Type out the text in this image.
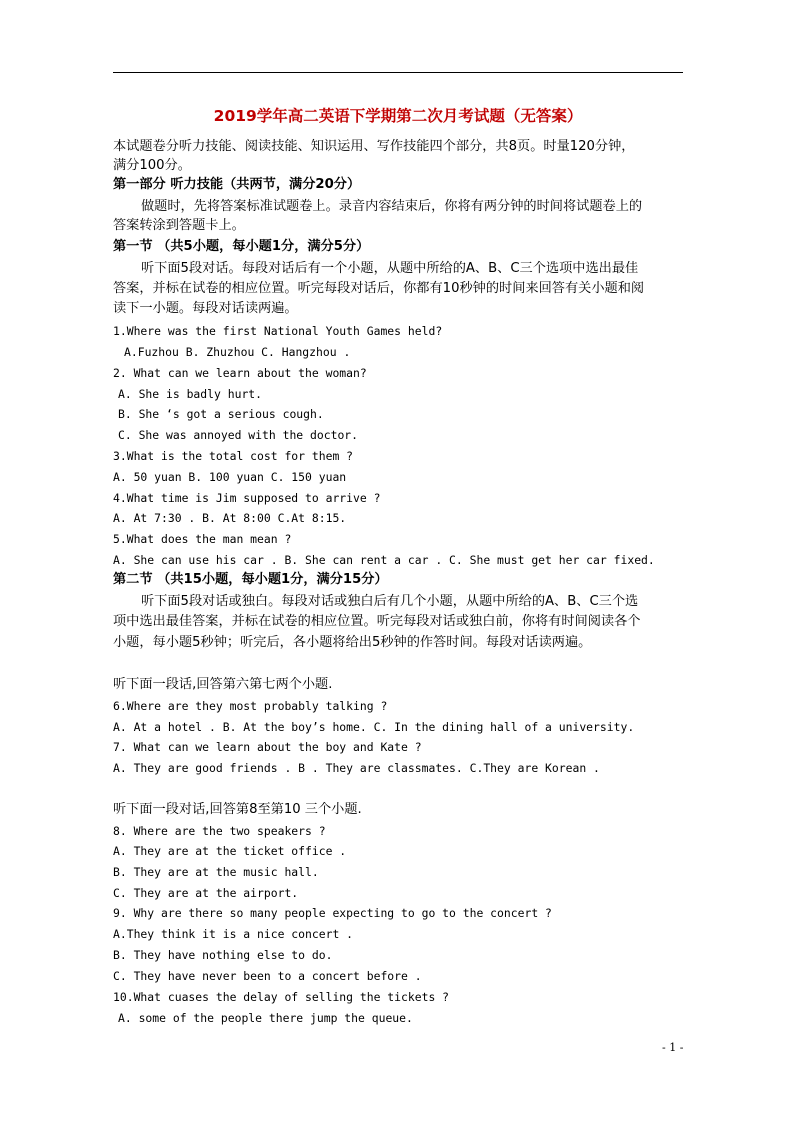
2019学年高二英语下学期第二次月考试题（无答案）
本试题卷分听力技能、阅读技能、知识运用、写作技能四个部分，共8页。时量120分钟，
满分100分。
第一部分 听力技能（共两节，满分20分）
做题时，先将答案标准试题卷上。录音内容结束后，你将有两分钟的时间将试题卷上的
答案转涂到答题卡上。
第一节 （共5小题，每小题1分，满分5分）
听下面5段对话。每段对话后有一个小题，从题中所给的A、B、C三个选项中选出最佳
答案，并标在试卷的相应位置。听完每段对话后，你都有10秒钟的时间来回答有关小题和阅
读下一小题。每段对话读两遍。
1.Where was the first National Youth Games held?
A.Fuzhou B. Zhuzhou C. Hangzhou .
2. What can we learn about the woman?
A. She is badly hurt.
B. She ‘s got a serious cough.
C. She was annoyed with the doctor.
3.What is the total cost for them ?
A. 50 yuan B. 100 yuan C. 150 yuan
4.What time is Jim supposed to arrive ?
A. At 7:30 . B. At 8:00 C.At 8:15.
5.What does the man mean ?
A. She can use his car . B. She can rent a car . C. She must get her car fixed.
第二节 （共15小题，每小题1分，满分15分）
听下面5段对话或独白。每段对话或独白后有几个小题，从题中所给的A、B、C三个选
项中选出最佳答案，并标在试卷的相应位置。听完每段对话或独白前，你将有时间阅读各个
小题，每小题5秒钟；听完后，各小题将给出5秒钟的作答时间。每段对话读两遍。
听下面一段话,回答第六第七两个小题.
6.Where are they most probably talking ?
A. At a hotel . B. At the boy’s home. C. In the dining hall of a university.
7. What can we learn about the boy and Kate ?
A. They are good friends . B . They are classmates. C.They are Korean .
听下面一段对话,回答第8至第10 三个小题.
8. Where are the two speakers ?
A. They are at the ticket office .
B. They are at the music hall.
C. They are at the airport.
9. Why are there so many people expecting to go to the concert ?
A.They think it is a nice concert .
B. They have nothing else to do.
C. They have never been to a concert before .
10.What cuases the delay of selling the tickets ?
A. some of the people there jump the queue.
- 1 -
